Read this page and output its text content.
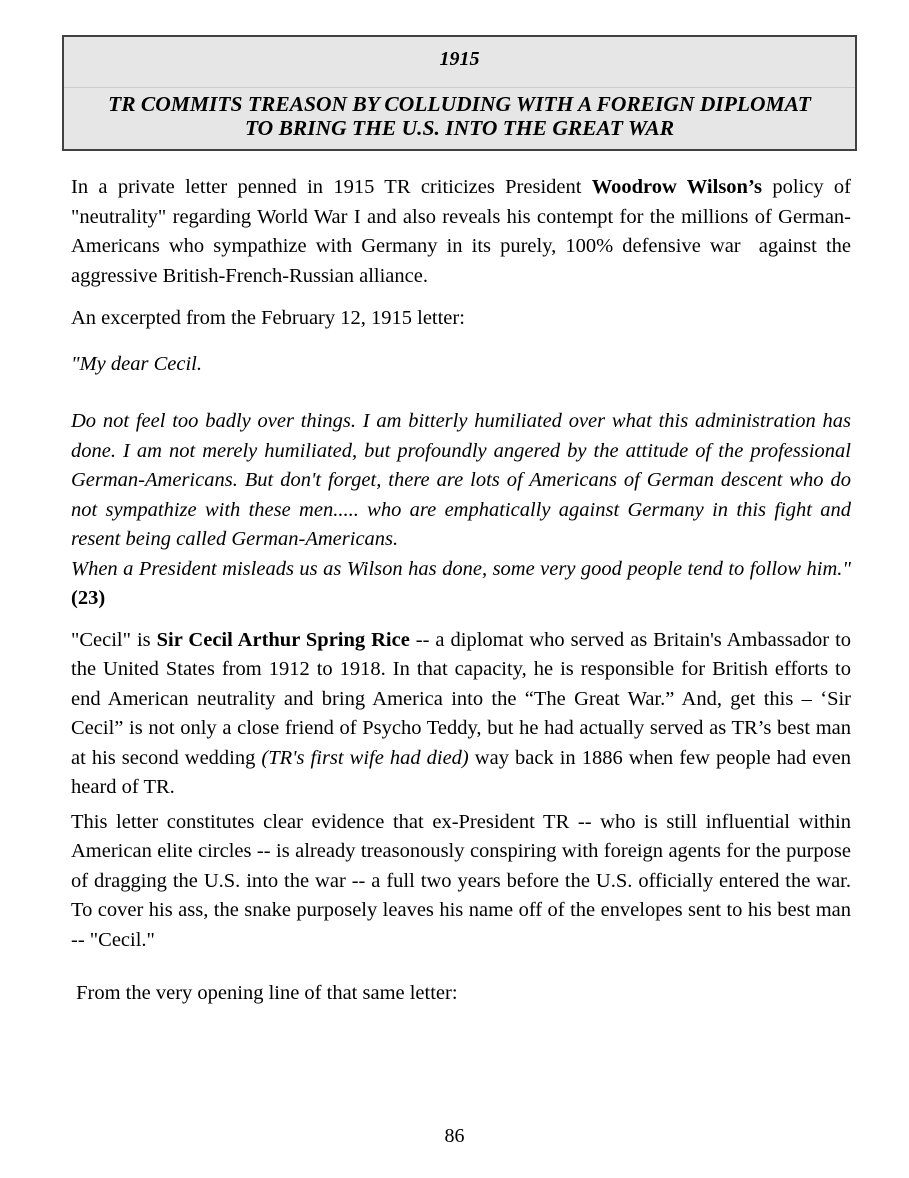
1915
TR COMMITS TREASON BY COLLUDING WITH A FOREIGN DIPLOMAT
TO BRING THE U.S. INTO THE GREAT WAR

In a private letter penned in 1915 TR criticizes President Woodrow Wilson’s policy of "neutrality" regarding World War I and also reveals his contempt for the millions of German-Americans who sympathize with Germany in its purely, 100% defensive war  against the aggressive British-French-Russian alliance.

An excerpted from the February 12, 1915 letter:

"My dear Cecil.

Do not feel too badly over things. I am bitterly humiliated over what this administration has done. I am not merely humiliated, but profoundly angered by the attitude of the professional German-Americans. But don't forget, there are lots of Americans of German descent who do not sympathize with these men..... who are emphatically against Germany in this fight and resent being called German-Americans.

When a President misleads us as Wilson has done, some very good people tend to follow him." (23)

"Cecil" is Sir Cecil Arthur Spring Rice -- a diplomat who served as Britain's Ambassador to the United States from 1912 to 1918. In that capacity, he is responsible for British efforts to end American neutrality and bring America into the “The Great War.” And, get this – ‘Sir Cecil” is not only a close friend of Psycho Teddy, but he had actually served as TR’s best man at his second wedding (TR's first wife had died) way back in 1886 when few people had even heard of TR.

This letter constitutes clear evidence that ex-President TR -- who is still influential within American elite circles -- is already treasonously conspiring with foreign agents for the purpose of dragging the U.S. into the war -- a full two years before the U.S. officially entered the war. To cover his ass, the snake purposely leaves his name off of the envelopes sent to his best man -- "Cecil."

From the very opening line of that same letter:

86
